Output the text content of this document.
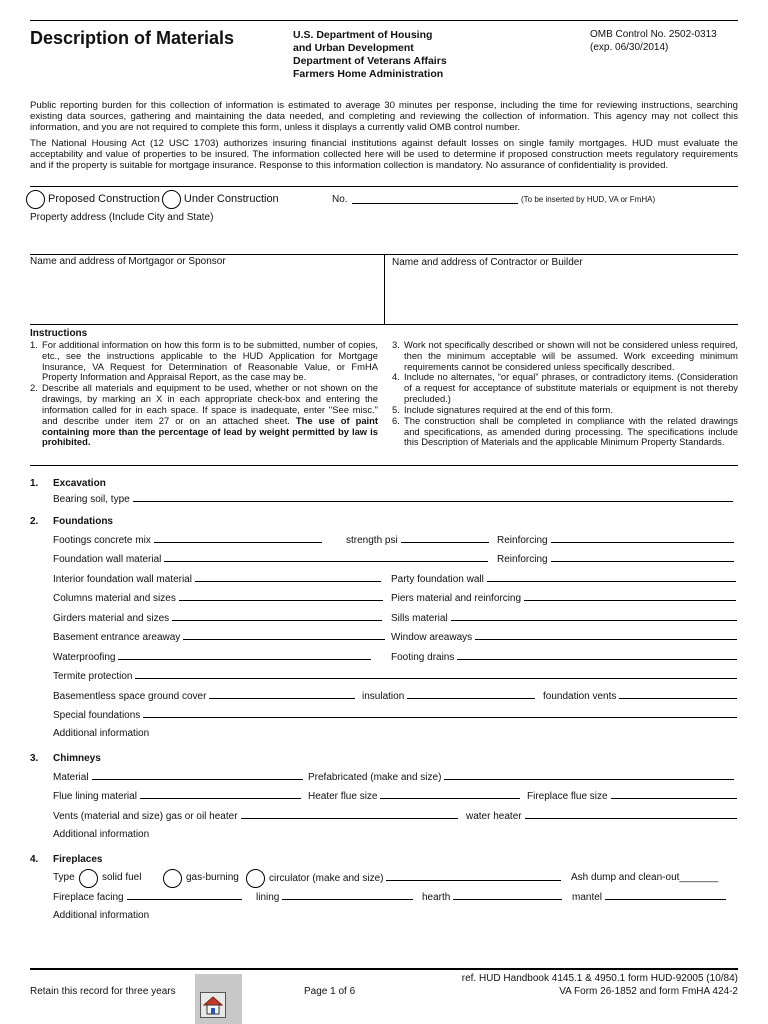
Description of Materials	U.S. Department of Housing
and Urban Development
Department of Veterans Affairs
Farmers Home Administration
OMB Control No. 2502-0313
(exp. 06/30/2014)
Public reporting burden for this collection of information is estimated to average 30 minutes per response, including the time for reviewing instructions, searching existing data sources, gathering and maintaining the data needed, and completing and reviewing the collection of information. This agency may not collect this information, and you are not required to complete this form, unless it displays a currently valid OMB control number.
The National Housing Act (12 USC 1703) authorizes insuring financial institutions against default losses on single family mortgages. HUD must evaluate the acceptability and value of properties to be insured. The information collected here will be used to determine if proposed construction meets regulatory requirements and if the property is suitable for mortgage insurance. Response to this information collection is mandatory. No assurance of confidentiality is provided.
Proposed Construction Under Construction	No.	(To be inserted by HUD, VA or FmHA)
Property address (Include City and State)
Name and address of Mortgagor or Sponsor	Name and address of Contractor or Builder
Instructions
1. For additional information on how this form is to be submitted, number of copies, etc., see the instructions applicable to the HUD Application for Mortgage Insurance, VA Request for Determination of Reasonable Value, or FmHA Property Information and Appraisal Report, as the case may be.
2. Describe all materials and equipment to be used, whether or not shown on the drawings, by marking an X in each appropriate check-box and entering the information called for in each space. If space is inadequate, enter "See misc." and describe under item 27 or on an attached sheet. The use of paint containing more than the percentage of lead by weight permitted by law is prohibited.
3. Work not specifically described or shown will not be considered unless required, then the minimum acceptable will be assumed. Work exceeding minimum requirements cannot be considered unless specifically described.
4. Include no alternates, “or equal” phrases, or contradictory items. (Consideration of a request for acceptance of substitute materials or equipment is not thereby precluded.)
5. Include signatures required at the end of this form.
6. The construction shall be completed in compliance with the related drawings and specifications, as amended during processing. The specifications include this Description of Materials and the applicable Minimum Property Standards.
1. Excavation
Bearing soil, type
2. Foundations
Footings concrete mix	strength psi	Reinforcing
Foundation wall material	Reinforcing
Interior foundation wall material	Party foundation wall
Columns material and sizes	Piers material and reinforcing
Girders material and sizes	Sills material
Basement entrance areaway	Window areaways
Waterproofing	Footing drains
Termite protection
Basementless space ground cover	insulation	foundation vents
Special foundations
Additional information
3. Chimneys
Material	Prefabricated (make and size)
Flue lining material	Heater flue size	Fireplace flue size
Vents (material and size) gas or oil heater	water heater
Additional information
4. Fireplaces
Type	solid fuel	gas-burning	circulator (make and size)	Ash dump and clean-out_______
Fireplace facing	lining	hearth	mantel
Additional information
Retain this record for three years	Page 1 of 6
ref. HUD Handbook 4145.1 & 4950.1 form HUD-92005 (10/84)
VA Form 26-1852 and form FmHA 424-2
